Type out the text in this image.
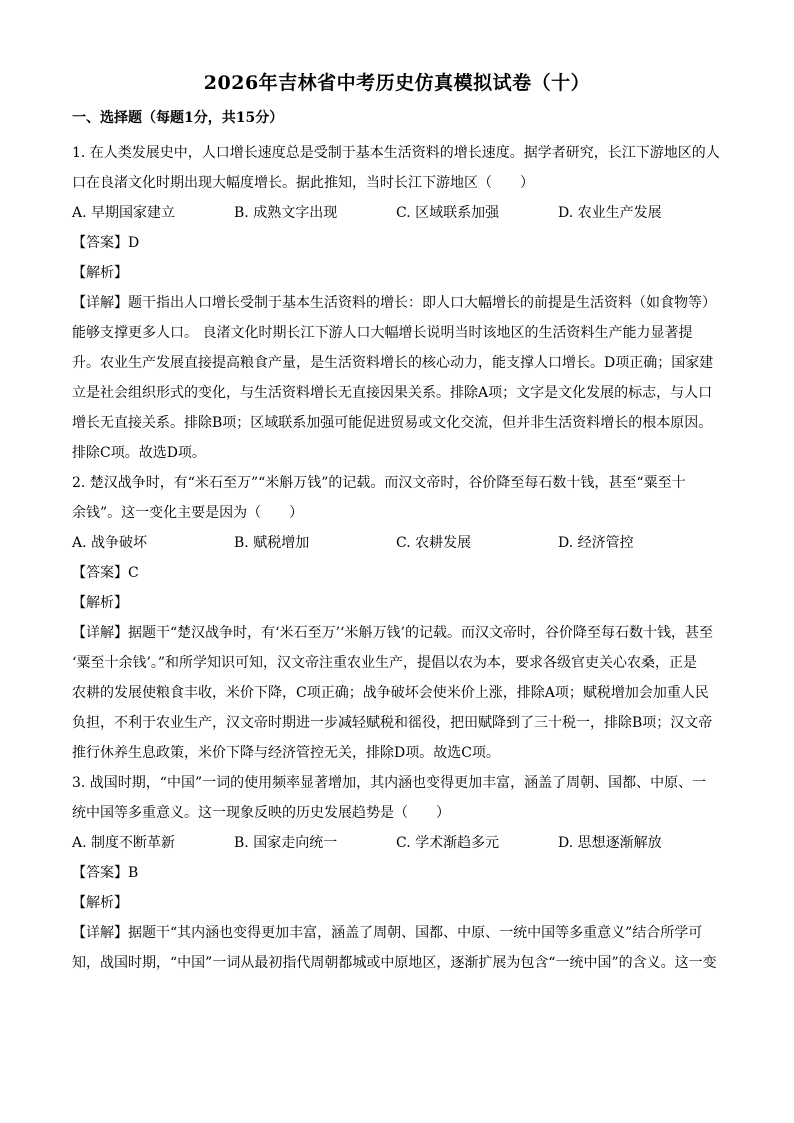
2026年吉林省中考历史仿真模拟试卷（十）
一、选择题（每题1分，共15分）
1. 在人类发展史中，人口增长速度总是受制于基本生活资料的增长速度。据学者研究，长江下游地区的人
口在良渚文化时期出现大幅度增长。据此推知，当时长江下游地区（　　）
A. 早期国家建立	B. 成熟文字出现	C. 区域联系加强	D. 农业生产发展
【答案】D
【解析】
【详解】题干指出人口增长受制于基本生活资料的增长：即人口大幅增长的前提是生活资料（如食物等）
能够支撑更多人口。 良渚文化时期长江下游人口大幅增长说明当时该地区的生活资料生产能力显著提
升。农业生产发展直接提高粮食产量，是生活资料增长的核心动力，能支撑人口增长。D项正确；国家建
立是社会组织形式的变化，与生活资料增长无直接因果关系。排除A项；文字是文化发展的标志，与人口
增长无直接关系。排除B项；区域联系加强可能促进贸易或文化交流，但并非生活资料增长的根本原因。
排除C项。故选D项。
2. 楚汉战争时，有“米石至万”“米斛万钱”的记载。而汉文帝时，谷价降至每石数十钱，甚至“粟至十
余钱”。这一变化主要是因为（　　）
A. 战争破坏	B. 赋税增加	C. 农耕发展	D. 经济管控
【答案】C
【解析】
【详解】据题干“楚汉战争时，有‘米石至万’‘米斛万钱’的记载。而汉文帝时，谷价降至每石数十钱，甚至
‘粟至十余钱’。”和所学知识可知，汉文帝注重农业生产，提倡以农为本，要求各级官吏关心农桑，正是
农耕的发展使粮食丰收，米价下降，C项正确；战争破坏会使米价上涨，排除A项；赋税增加会加重人民
负担，不利于农业生产，汉文帝时期进一步减轻赋税和徭役，把田赋降到了三十税一，排除B项；汉文帝
推行休养生息政策，米价下降与经济管控无关，排除D项。故选C项。
3. 战国时期，“中国”一词的使用频率显著增加，其内涵也变得更加丰富，涵盖了周朝、国都、中原、一
统中国等多重意义。这一现象反映的历史发展趋势是（　　）
A. 制度不断革新	B. 国家走向统一	C. 学术渐趋多元	D. 思想逐渐解放
【答案】B
【解析】
【详解】据题干“其内涵也变得更加丰富，涵盖了周朝、国都、中原、一统中国等多重意义”结合所学可
知，战国时期，“中国”一词从最初指代周朝都城或中原地区，逐渐扩展为包含“一统中国”的含义。这一变
